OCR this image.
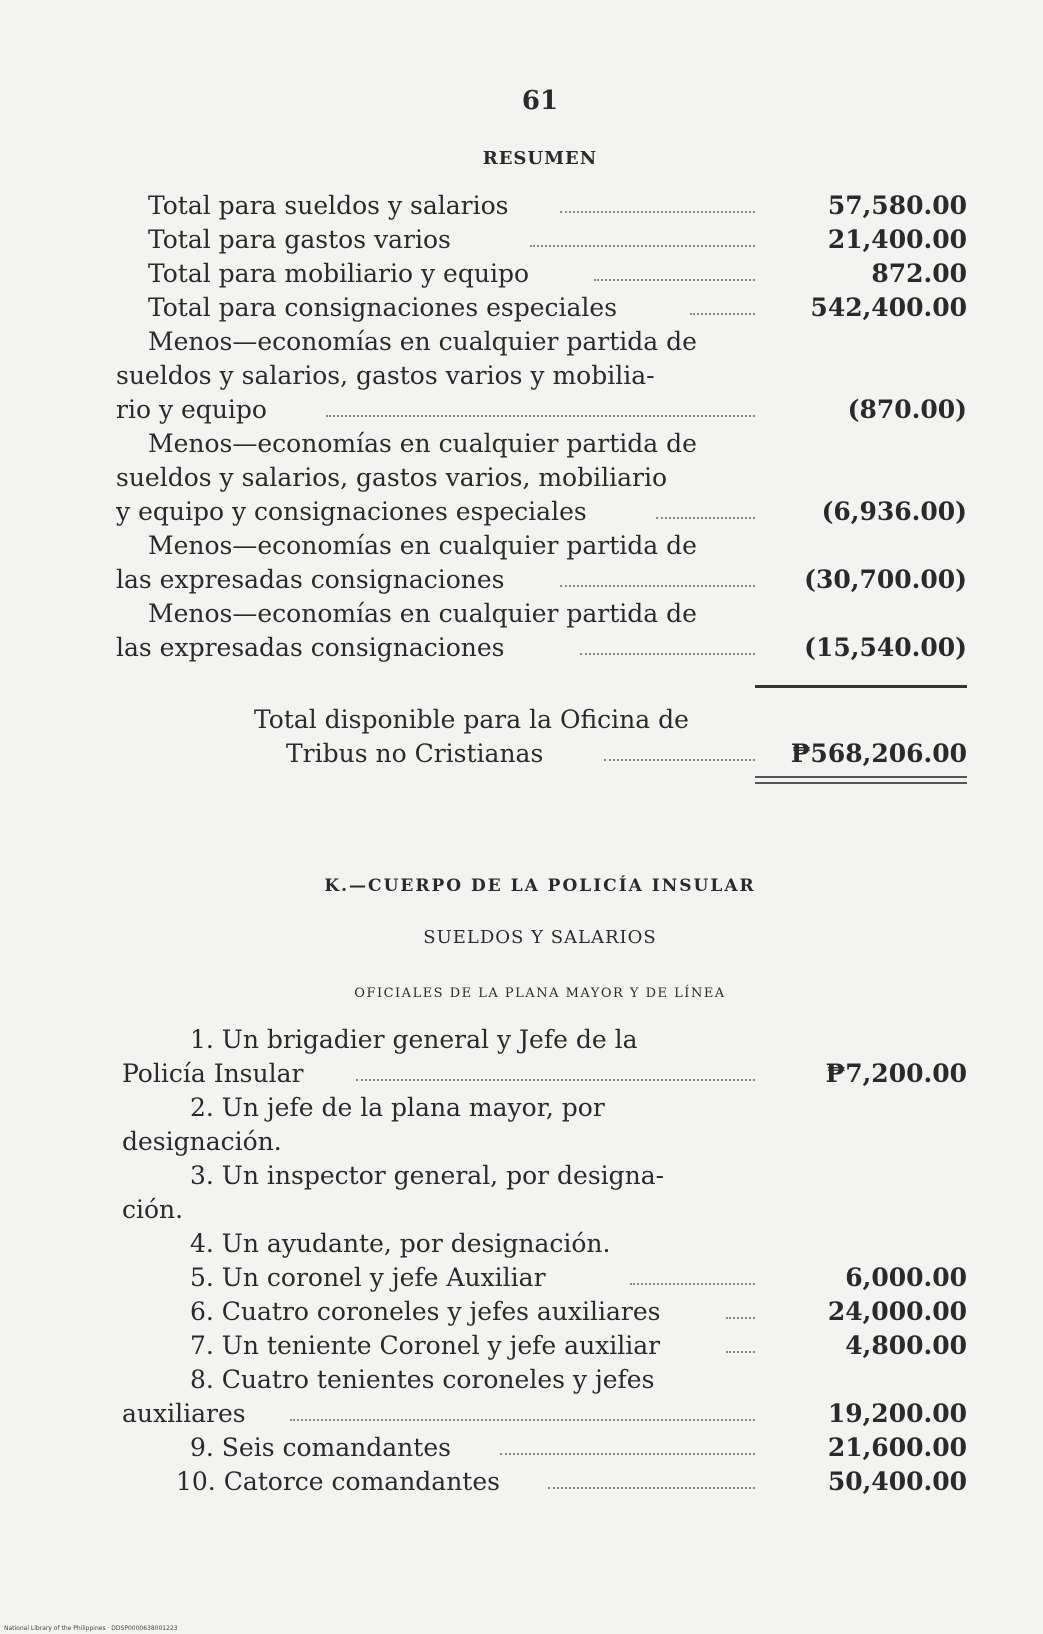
61
RESUMEN
Total para sueldos y salarios	57,580.00
Total para gastos varios	21,400.00
Total para mobiliario y equipo	872.00
Total para consignaciones especiales	542,400.00
Menos—economías en cualquier partida de
sueldos y salarios, gastos varios y mobilia-
rio y equipo	(870.00)
Menos—economías en cualquier partida de
sueldos y salarios, gastos varios, mobiliario
y equipo y consignaciones especiales	(6,936.00)
Menos—economías en cualquier partida de
las expresadas consignaciones	(30,700.00)
Menos—economías en cualquier partida de
las expresadas consignaciones	(15,540.00)
Total disponible para la Oficina de
Tribus no Cristianas	₱568,206.00
K.—CUERPO DE LA POLICÍA INSULAR
SUELDOS Y SALARIOS
OFICIALES DE LA PLANA MAYOR Y DE LÍNEA
1. Un brigadier general y Jefe de la
Policía Insular	₱7,200.00
2. Un jefe de la plana mayor, por
designación.
3. Un inspector general, por designa-
ción.
4. Un ayudante, por designación.
5. Un coronel y jefe Auxiliar	6,000.00
6. Cuatro coroneles y jefes auxiliares	24,000.00
7. Un teniente Coronel y jefe auxiliar	4,800.00
8. Cuatro tenientes coroneles y jefes
auxiliares	19,200.00
9. Seis comandantes	21,600.00
10. Catorce comandantes	50,400.00
National Library of the Philippines · DDSP0000638001223
